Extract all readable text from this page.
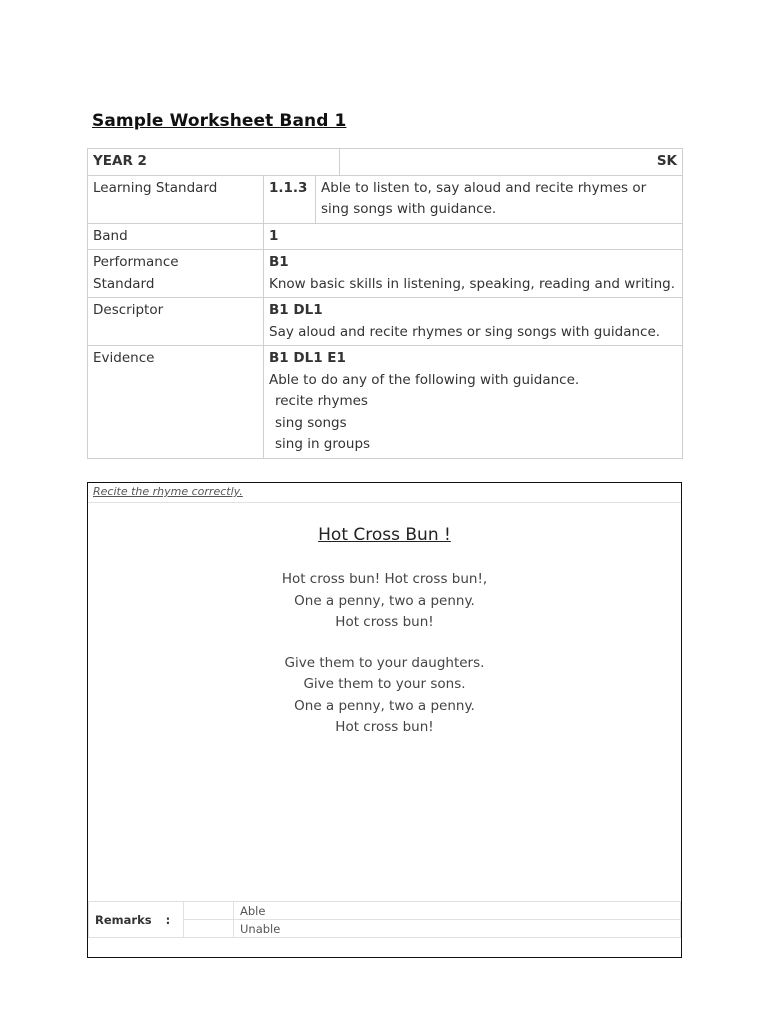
Sample Worksheet Band 1
YEAR 2			SK
Learning Standard	1.1.3	Able to listen to, say aloud and recite rhymes or sing songs with guidance.	
Band	1		
Performance Standard	B1
Know basic skills in listening, speaking, reading and writing.		

Descriptor	B1 DL1
Say aloud and recite rhymes or sing songs with guidance.		

Evidence	B1 DL1 E1
Able to do any of the following with guidance.
recite rhymes
sing songs
sing in groups		
Recite the rhyme correctly.
Hot Cross Bun !
Hot cross bun! Hot cross bun!,
One a penny, two a penny.
Hot cross bun!
Give them to your daughters.
Give them to your sons.
One a penny, two a penny.
Hot cross bun!
Remarks :		Able
		Unable
